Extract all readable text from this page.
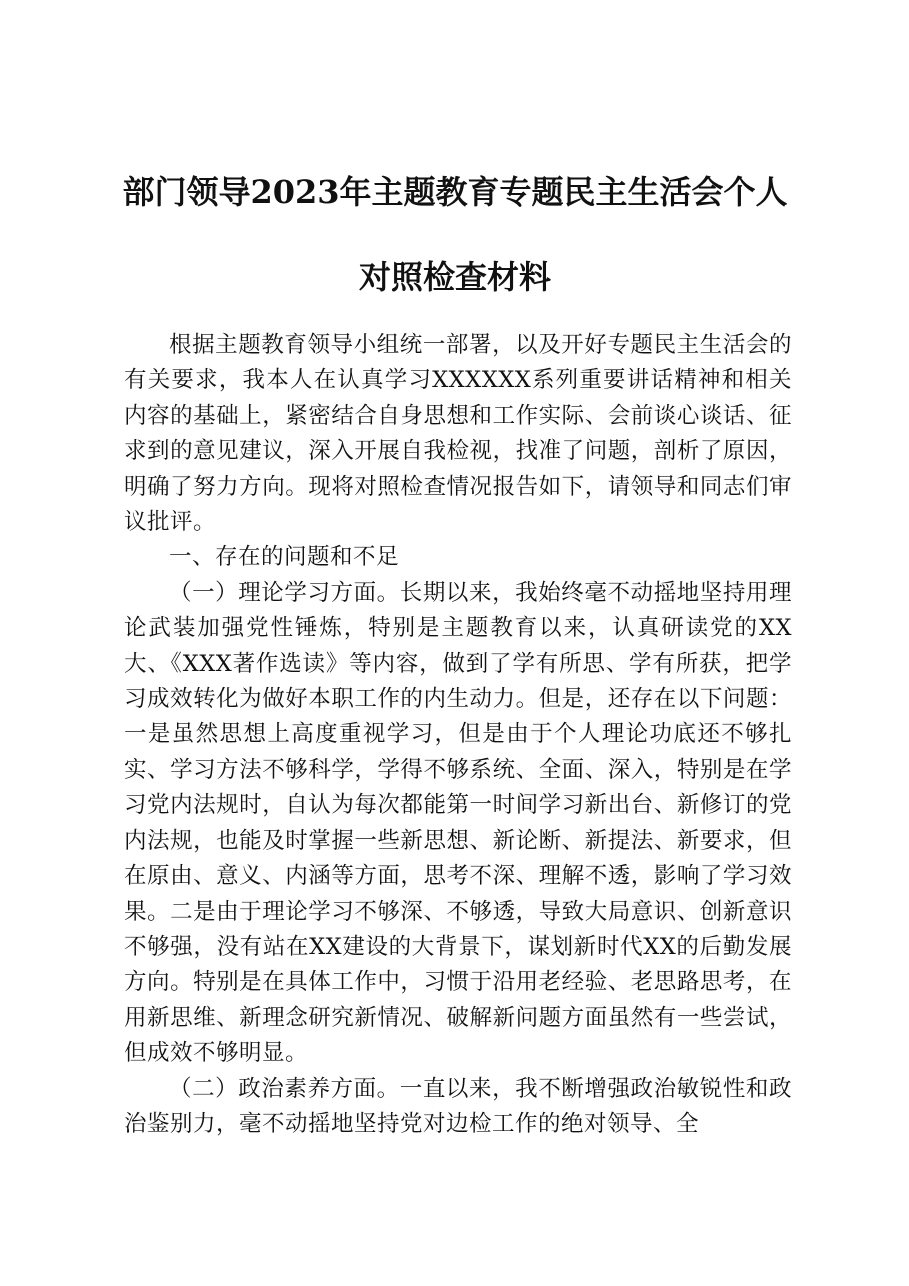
部门领导2023年主题教育专题民主生活会个人对照检查材料

根据主题教育领导小组统一部署，以及开好专题民主生活会的有关要求，我本人在认真学习XXXXXX系列重要讲话精神和相关内容的基础上，紧密结合自身思想和工作实际、会前谈心谈话、征求到的意见建议，深入开展自我检视，找准了问题，剖析了原因，明确了努力方向。现将对照检查情况报告如下，请领导和同志们审议批评。

一、存在的问题和不足

（一）理论学习方面。长期以来，我始终毫不动摇地坚持用理论武装加强党性锤炼，特别是主题教育以来，认真研读党的XX大、《XXX著作选读》等内容，做到了学有所思、学有所获，把学习成效转化为做好本职工作的内生动力。但是，还存在以下问题：一是虽然思想上高度重视学习，但是由于个人理论功底还不够扎实、学习方法不够科学，学得不够系统、全面、深入，特别是在学习党内法规时，自认为每次都能第一时间学习新出台、新修订的党内法规，也能及时掌握一些新思想、新论断、新提法、新要求，但在原由、意义、内涵等方面，思考不深、理解不透，影响了学习效果。二是由于理论学习不够深、不够透，导致大局意识、创新意识不够强，没有站在XX建设的大背景下，谋划新时代XX的后勤发展方向。特别是在具体工作中，习惯于沿用老经验、老思路思考，在用新思维、新理念研究新情况、破解新问题方面虽然有一些尝试，但成效不够明显。

（二）政治素养方面。一直以来，我不断增强政治敏锐性和政治鉴别力，毫不动摇地坚持党对边检工作的绝对领导、全
